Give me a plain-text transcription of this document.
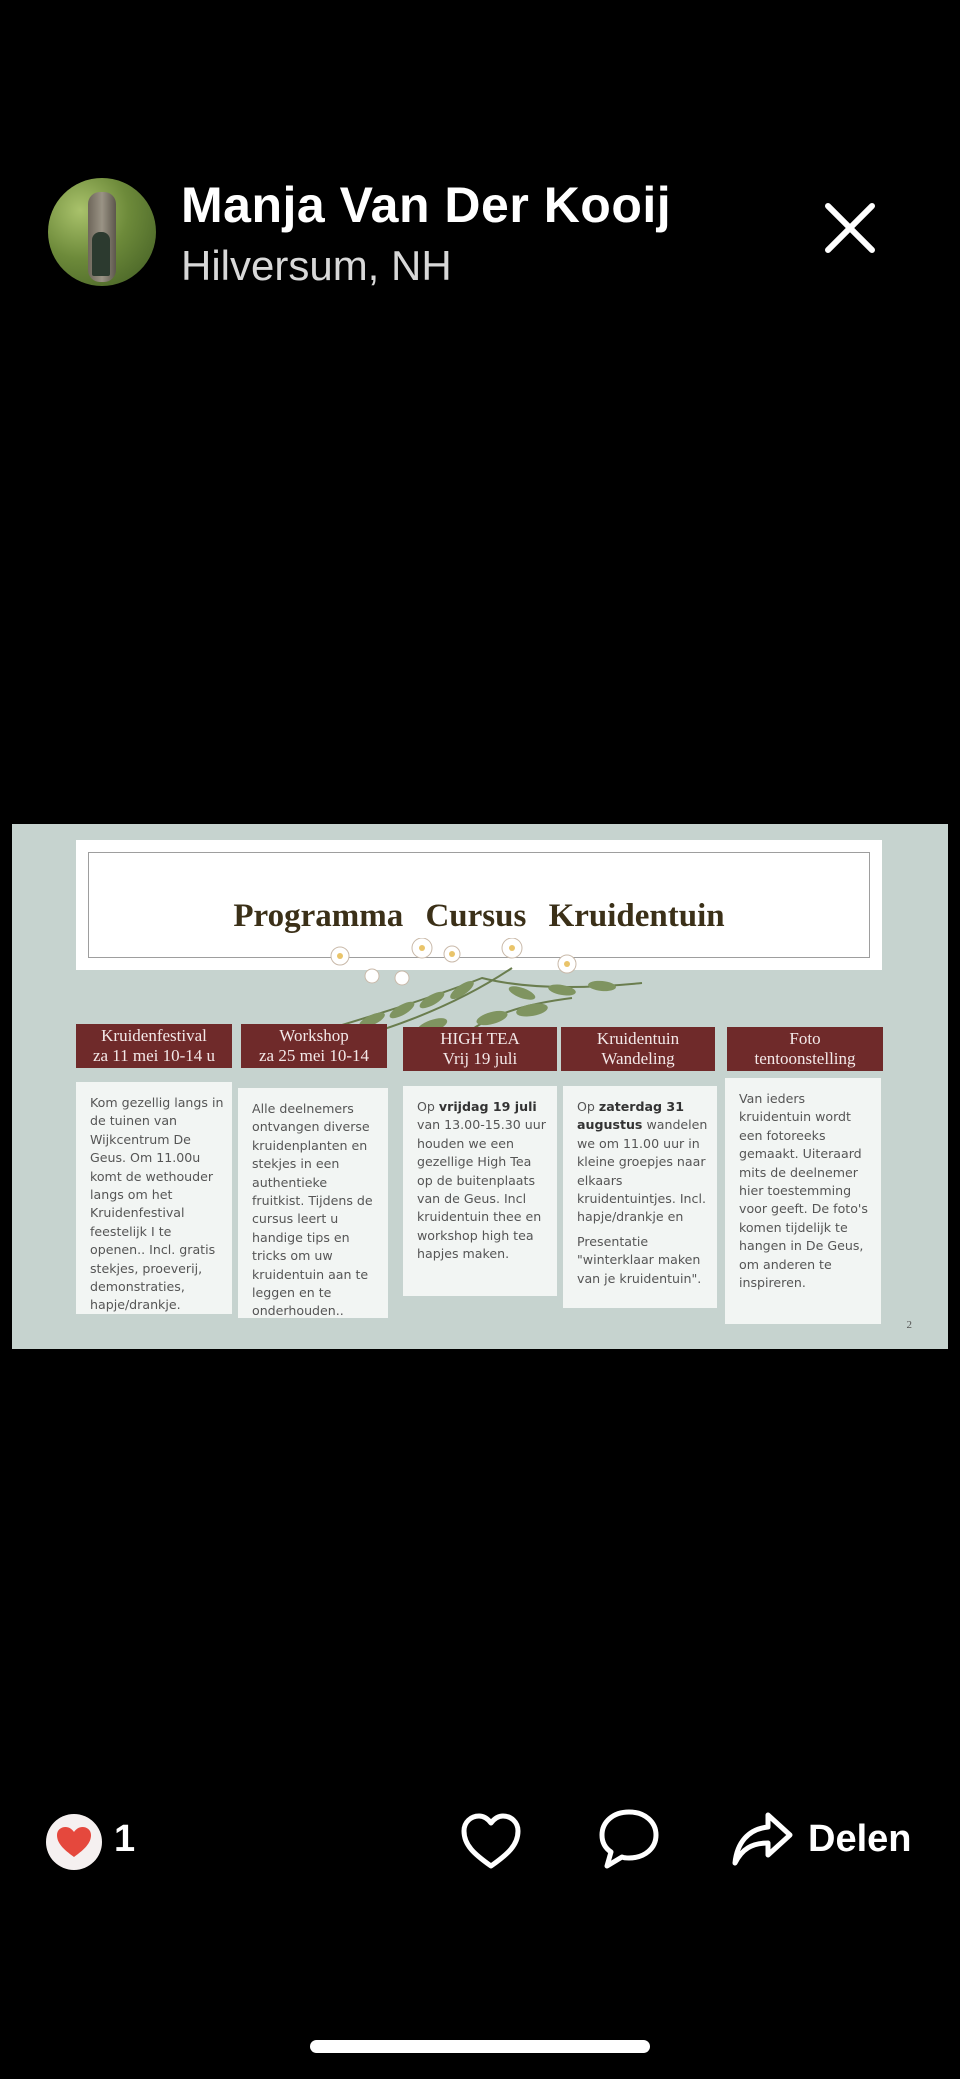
Manja Van Der Kooij
Hilversum, NH
Programma Cursus Kruidentuin
Kruidenfestival
za 11 mei 10-14 u
Kom gezellig langs in de tuinen van Wijkcentrum De Geus. Om 11.00u komt de wethouder langs om het Kruidenfestival feestelijk I te openen.. Incl. gratis stekjes, proeverij, demonstraties, hapje/drankje.
Workshop
za 25 mei 10-14
Alle deelnemers ontvangen diverse kruidenplanten en stekjes in een authentieke fruitkist. Tijdens de cursus leert u handige tips en tricks om uw kruidentuin aan te leggen en te onderhouden..
HIGH TEA
Vrij 19 juli
Op vrijdag 19 juli van 13.00-15.30 uur houden we een gezellige High Tea op de buitenplaats van de Geus. Incl kruidentuin thee en workshop high tea hapjes maken.
Kruidentuin
Wandeling

Op zaterdag 31 augustus wandelen we om 11.00 uur in kleine groepjes naar elkaars kruidentuintjes. Incl. hapje/drankje en

Presentatie "winterklaar maken van je kruidentuin".

Foto
tentoonstelling
Van ieders kruidentuin wordt een fotoreeks gemaakt. Uiteraard mits de deelnemer hier toestemming voor geeft. De foto's komen tijdelijk te hangen in De Geus, om anderen te inspireren.
2
1	Delen
